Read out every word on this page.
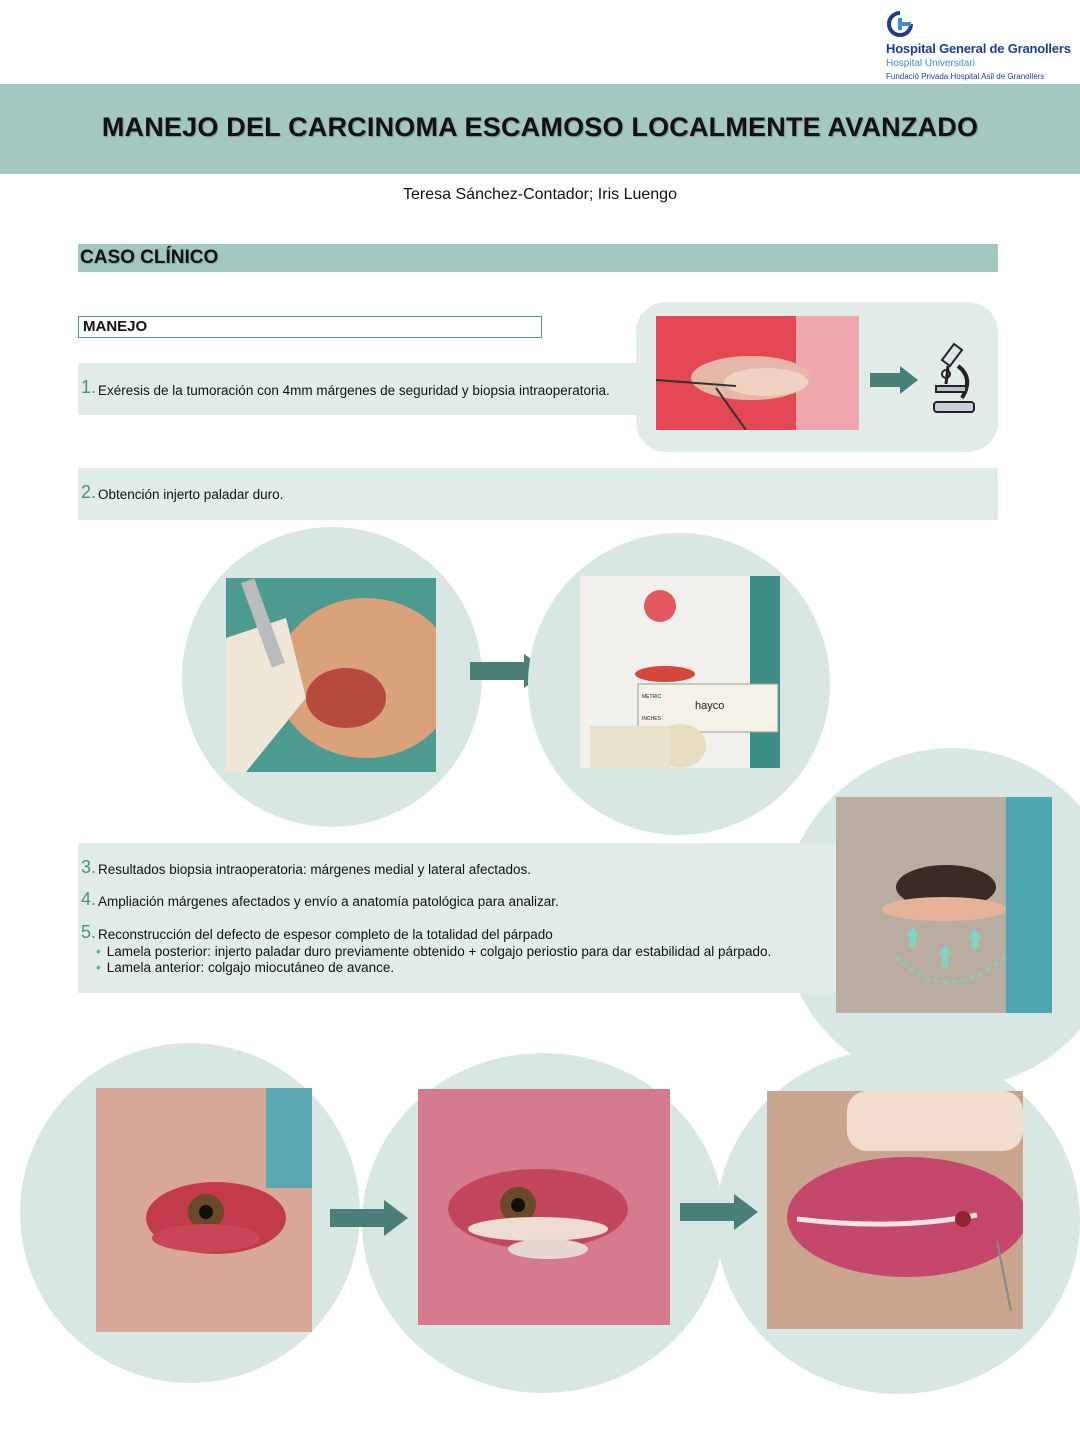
Hospital General de Granollers
Hospital Universitari
Fundació Privada Hospital Asil de Granollers
MANEJO DEL CARCINOMA ESCAMOSO LOCALMENTE AVANZADO
Teresa Sánchez-Contador; Iris Luengo
CASO CLÍNICO
MANEJO
1. Exéresis de la tumoración con 4mm márgenes de seguridad y biopsia intraoperatoria.
2. Obtención injerto paladar duro.
hayco
METRIC
INCHES
3. Resultados biopsia intraoperatoria: márgenes medial y lateral afectados.
4. Ampliación márgenes afectados y envío a anatomía patológica para analizar.
5. Reconstrucción del defecto de espesor completo de la totalidad del párpado
• Lamela posterior: injerto paladar duro previamente obtenido + colgajo periostio para dar estabilidad al párpado.
• Lamela anterior: colgajo miocutáneo de avance.
